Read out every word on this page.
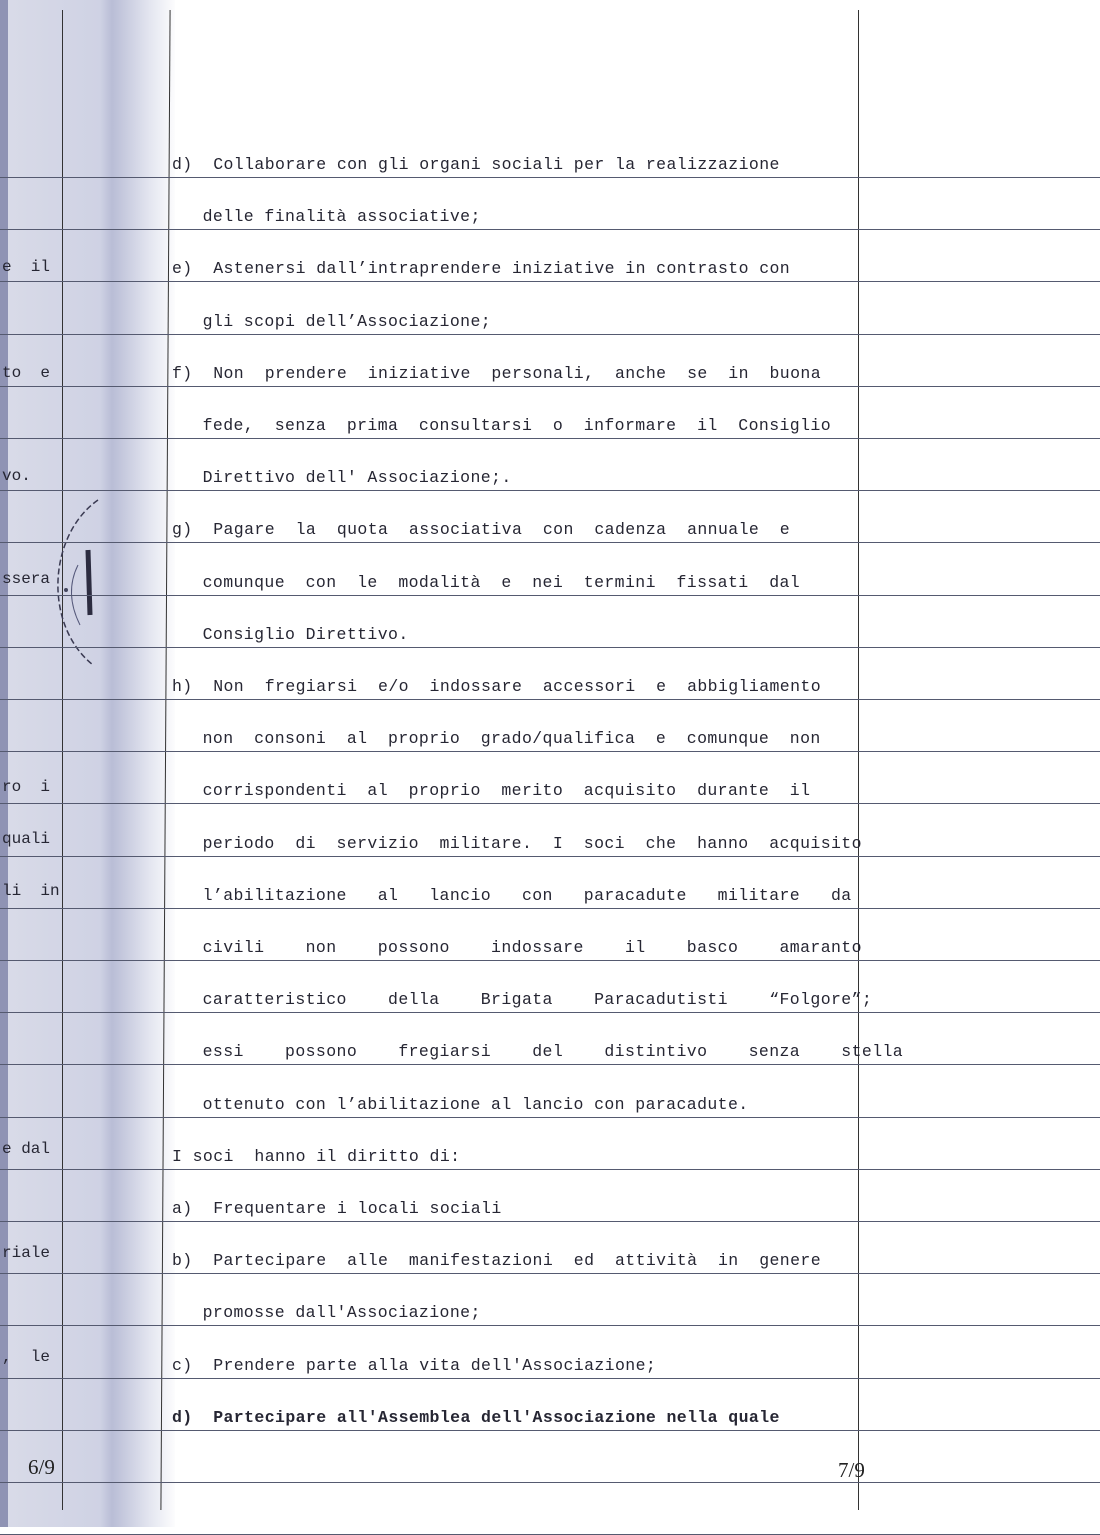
e  il
to  e
vo.
ssera
ro  i
quali
li  in
e dal
riale
,  le
d)  Collaborare con gli organi sociali per la realizzazione
delle finalità associative;
e)  Astenersi dall’intraprendere iniziative in contrasto con
gli scopi dell’Associazione;
f)  Non  prendere  iniziative  personali,  anche  se  in  buona
fede,  senza  prima  consultarsi  o  informare  il  Consiglio
Direttivo dell' Associazione;.
g)  Pagare  la  quota  associativa  con  cadenza  annuale  e
comunque  con  le  modalità  e  nei  termini  fissati  dal
Consiglio Direttivo.
h)  Non  fregiarsi  e/o  indossare  accessori  e  abbigliamento
non  consoni  al  proprio  grado/qualifica  e  comunque  non
corrispondenti  al  proprio  merito  acquisito  durante  il
periodo  di  servizio  militare.  I  soci  che  hanno  acquisito
l’abilitazione   al   lancio   con   paracadute   militare   da
civili    non    possono    indossare    il    basco    amaranto
caratteristico    della    Brigata    Paracadutisti    “Folgore”;
essi    possono    fregiarsi    del    distintivo    senza    stella
ottenuto con l’abilitazione al lancio con paracadute.
I soci  hanno il diritto di:
a)  Frequentare i locali sociali
b)  Partecipare  alle  manifestazioni  ed  attività  in  genere
promosse dall'Associazione;
c)  Prendere parte alla vita dell'Associazione;
d)  Partecipare all'Assemblea dell'Associazione nella quale
6/9	7/9
